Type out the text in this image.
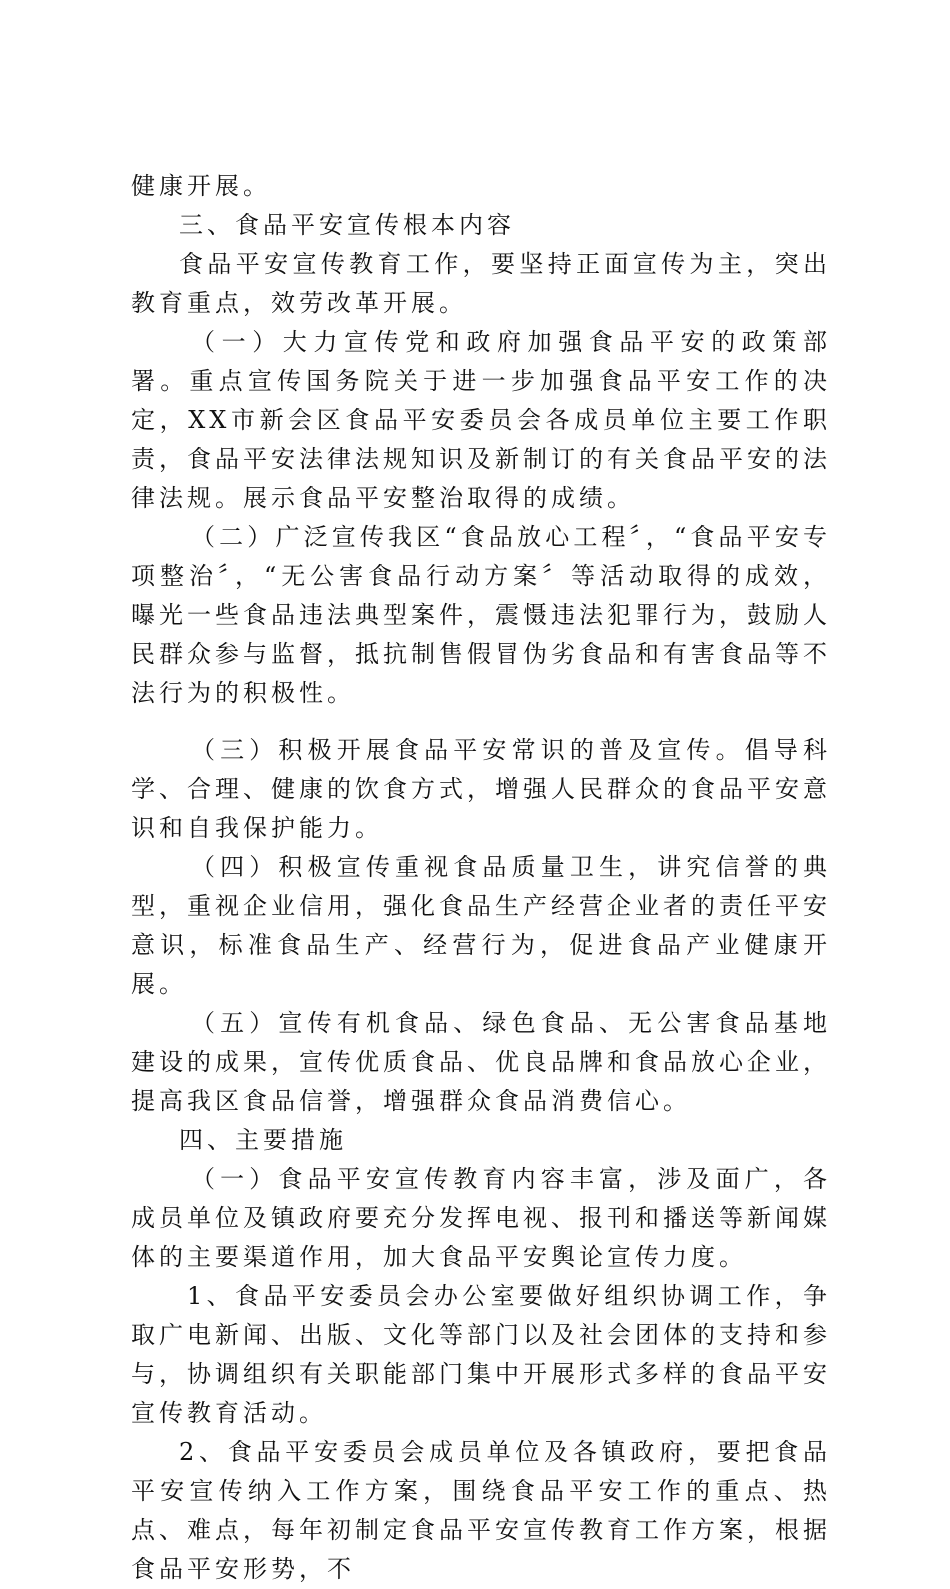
健康开展。

三、食品平安宣传根本内容

食品平安宣传教育工作，要坚持正面宣传为主，突出教育重点，效劳改革开展。

（一）大力宣传党和政府加强食品平安的政策部署。重点宣传国务院关于进一步加强食品平安工作的决定，XX市新会区食品平安委员会各成员单位主要工作职责，食品平安法律法规知识及新制订的有关食品平安的法律法规。展示食品平安整治取得的成绩。

（二）广泛宣传我区“食品放心工程〞，“食品平安专项整治〞，“无公害食品行动方案〞等活动取得的成效，曝光一些食品违法典型案件，震慑违法犯罪行为，鼓励人民群众参与监督，抵抗制售假冒伪劣食品和有害食品等不法行为的积极性。

（三）积极开展食品平安常识的普及宣传。倡导科学、合理、健康的饮食方式，增强人民群众的食品平安意识和自我保护能力。

（四）积极宣传重视食品质量卫生，讲究信誉的典型，重视企业信用，强化食品生产经营企业者的责任平安意识，标准食品生产、经营行为，促进食品产业健康开展。

（五）宣传有机食品、绿色食品、无公害食品基地建设的成果，宣传优质食品、优良品牌和食品放心企业，提高我区食品信誉，增强群众食品消费信心。

四、主要措施

（一）食品平安宣传教育内容丰富，涉及面广，各成员单位及镇政府要充分发挥电视、报刊和播送等新闻媒体的主要渠道作用，加大食品平安舆论宣传力度。

1、食品平安委员会办公室要做好组织协调工作，争取广电新闻、出版、文化等部门以及社会团体的支持和参与，协调组织有关职能部门集中开展形式多样的食品平安宣传教育活动。

2、食品平安委员会成员单位及各镇政府，要把食品平安宣传纳入工作方案，围绕食品平安工作的重点、热点、难点，每年初制定食品平安宣传教育工作方案，根据食品平安形势，不
